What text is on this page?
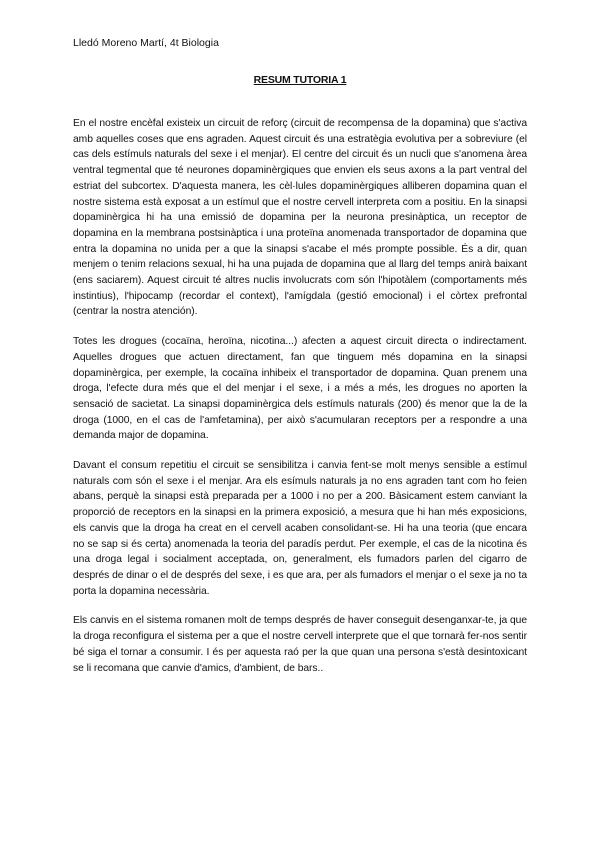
Lledó Moreno Martí, 4t Biologia
RESUM TUTORIA 1

En el nostre encèfal existeix un circuit de reforç (circuit de recompensa de la dopamina) que s'activa amb aquelles coses que ens agraden. Aquest circuit és una estratègia evolutiva per a sobreviure (el cas dels estímuls naturals del sexe i el menjar). El centre del circuit és un nucli que s'anomena àrea ventral tegmental que té neurones dopaminèrgiques que envien els seus axons a la part ventral del estriat del subcortex. D'aquesta manera, les cèl·lules dopaminèrgiques alliberen dopamina quan el nostre sistema està exposat a un estímul que el nostre cervell interpreta com a positiu. En la sinapsi dopaminèrgica hi ha una emissió de dopamina per la neurona presinàptica, un receptor de dopamina en la membrana postsinàptica i una proteïna anomenada transportador de dopamina que entra la dopamina no unida per a que la sinapsi s'acabe el més prompte possible. És a dir, quan menjem o tenim relacions sexual, hi ha una pujada de dopamina que al llarg del temps anirà baixant (ens saciarem). Aquest circuit té altres nuclis involucrats com són l'hipotàlem (comportaments més instintius), l'hipocamp (recordar el context), l'amígdala (gestió emocional) i el còrtex prefrontal (centrar la nostra atención).

Totes les drogues (cocaïna, heroïna, nicotina...) afecten a aquest circuit directa o indirectament. Aquelles drogues que actuen directament, fan que tinguem més dopamina en la sinapsi dopaminèrgica, per exemple, la cocaïna inhibeix el transportador de dopamina. Quan prenem una droga, l'efecte dura més que el del menjar i el sexe, i a més a més, les drogues no aporten la sensació de sacietat. La sinapsi dopaminèrgica dels estímuls naturals (200) és menor que la de la droga (1000, en el cas de l'amfetamina), per això s'acumularan receptors per a respondre a una demanda major de dopamina.

Davant el consum repetitiu el circuit se sensibilitza i canvia fent-se molt menys sensible a estímul naturals com són el sexe i el menjar. Ara els esímuls naturals ja no ens agraden tant com ho feien abans, perquè la sinapsi està preparada per a 1000 i no per a 200. Bàsicament estem canviant la proporció de receptors en la sinapsi en la primera exposició, a mesura que hi han més exposicions, els canvis que la droga ha creat en el cervell acaben consolidant-se. Hi ha una teoria (que encara no se sap si és certa) anomenada la teoria del paradís perdut. Per exemple, el cas de la nicotina és una droga legal i socialment acceptada, on, generalment, els fumadors parlen del cigarro de després de dinar o el de després del sexe, i es que ara, per als fumadors el menjar o el sexe ja no ta porta la dopamina necessària.

Els canvis en el sistema romanen molt de temps després de haver conseguit desenganxar-te, ja que la droga reconfigura el sistema per a que el nostre cervell interprete que el que tornarà fer-nos sentir bé siga el tornar a consumir. I és per aquesta raó per la que quan una persona s'està desintoxicant se li recomana que canvie d'amics, d'ambient, de bars..
